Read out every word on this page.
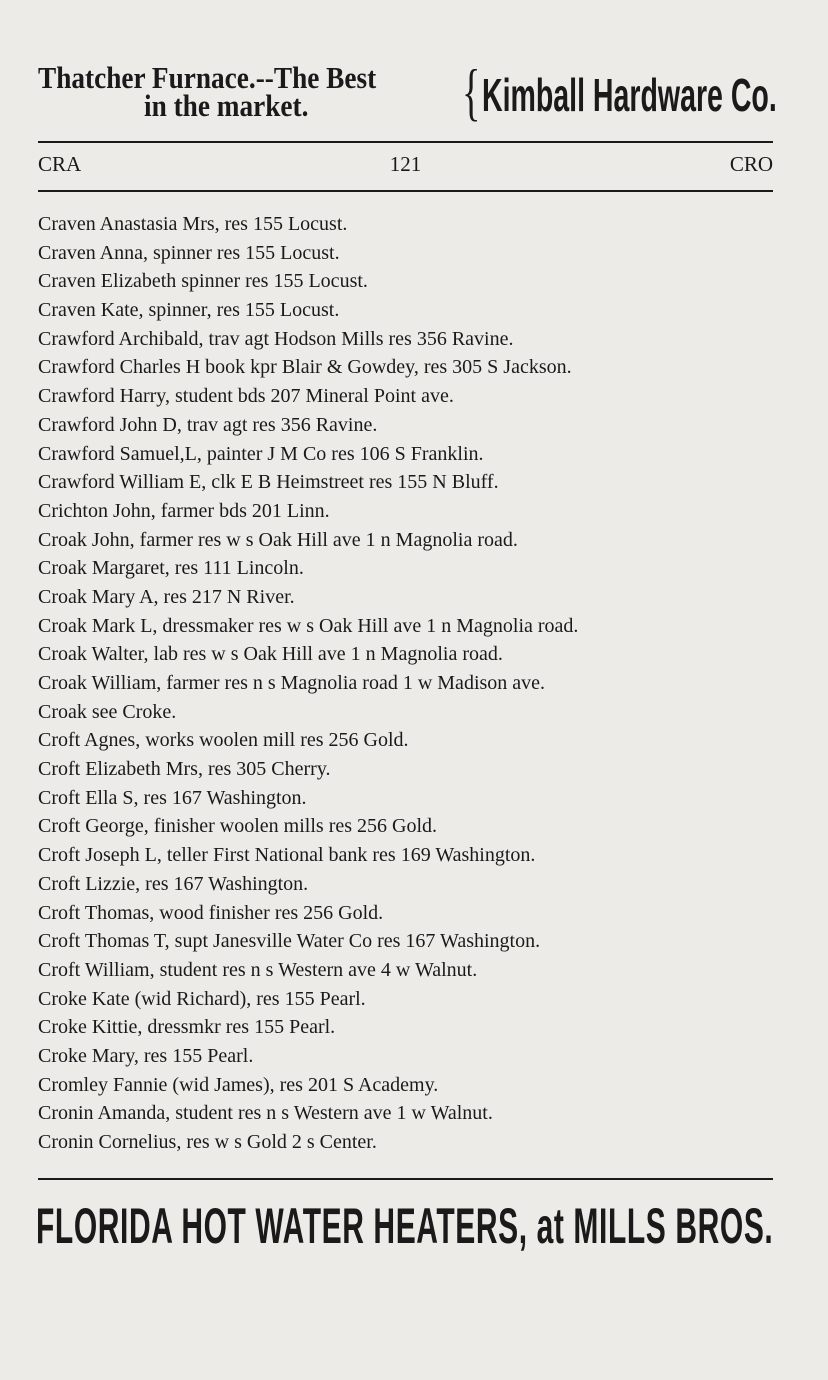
Thatcher Furnace.--The Best
in the market. { Kimball Hardware Co.
CRA	121	CRO
Craven Anastasia Mrs, res 155 Locust.
Craven Anna, spinner res 155 Locust.
Craven Elizabeth spinner res 155 Locust.
Craven Kate, spinner, res 155 Locust.
Crawford Archibald, trav agt Hodson Mills res 356 Ravine.
Crawford Charles H book kpr Blair & Gowdey, res 305 S Jackson.
Crawford Harry, student bds 207 Mineral Point ave.
Crawford John D, trav agt res 356 Ravine.
Crawford Samuel,L, painter J M Co res 106 S Franklin.
Crawford William E, clk E B Heimstreet res 155 N Bluff.
Crichton John, farmer bds 201 Linn.
Croak John, farmer res w s Oak Hill ave 1 n Magnolia road.
Croak Margaret, res 111 Lincoln.
Croak Mary A, res 217 N River.
Croak Mark L, dressmaker res w s Oak Hill ave 1 n Magnolia road.
Croak Walter, lab res w s Oak Hill ave 1 n Magnolia road.
Croak William, farmer res n s Magnolia road 1 w Madison ave.
Croak see Croke.
Croft Agnes, works woolen mill res 256 Gold.
Croft Elizabeth Mrs, res 305 Cherry.
Croft Ella S, res 167 Washington.
Croft George, finisher woolen mills res 256 Gold.
Croft Joseph L, teller First National bank res 169 Washington.
Croft Lizzie, res 167 Washington.
Croft Thomas, wood finisher res 256 Gold.
Croft Thomas T, supt Janesville Water Co res 167 Washington.
Croft William, student res n s Western ave 4 w Walnut.
Croke Kate (wid Richard), res 155 Pearl.
Croke Kittie, dressmkr res 155 Pearl.
Croke Mary, res 155 Pearl.
Cromley Fannie (wid James), res 201 S Academy.
Cronin Amanda, student res n s Western ave 1 w Walnut.
Cronin Cornelius, res w s Gold 2 s Center.
FLORIDA HOT WATER HEATERS, at MILLS BROS.
